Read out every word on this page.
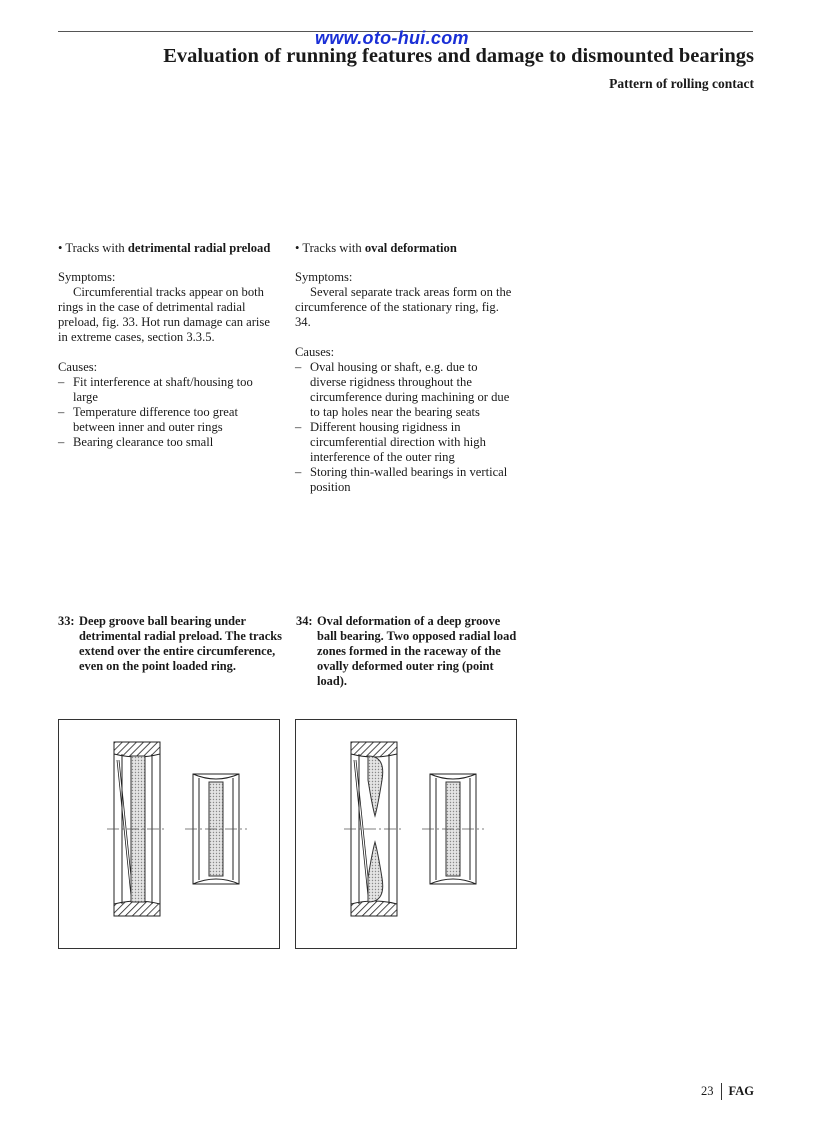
www.oto-hui.com
Evaluation of running features and damage to dismounted bearings
Pattern of rolling contact

• Tracks with detrimental radial preload

Symptoms:

Circumferential tracks appear on both rings in the case of detrimental radial preload, fig. 33. Hot run damage can arise in extreme cases, section 3.3.5.

Causes:

– Fit interference at shaft/housing too large
– Temperature difference too great between inner and outer rings
– Bearing clearance too small

• Tracks with oval deformation

Symptoms:

Several separate track areas form on the circumference of the stationary ring, fig. 34.

Causes:

– Oval housing or shaft, e.g. due to diverse rigidness throughout the circumference during machining or due to tap holes near the bearing seats
– Different housing rigidness in circumferential direction with high interference of the outer ring
– Storing thin-walled bearings in vertical position
33: Deep groove ball bearing under detrimental radial preload. The tracks extend over the entire circumference, even on the point loaded ring.
34: Oval deformation of a deep groove ball bearing. Two opposed radial load zones formed in the raceway of the ovally deformed outer ring (point load).
23 FAG
